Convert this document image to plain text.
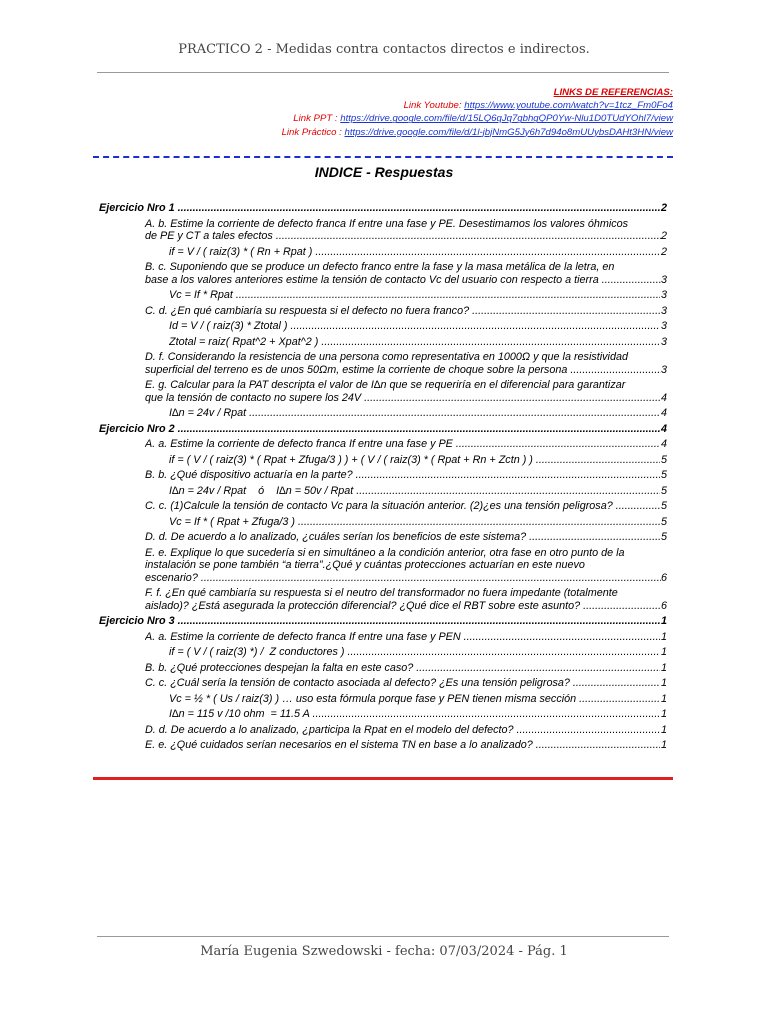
PRACTICO 2 - Medidas contra contactos directos e indirectos.
LINKS DE REFERENCIAS:
Link Youtube: https://www.youtube.com/watch?v=1tcz_Fm0Fo4
Link PPT : https://drive.google.com/file/d/15LQ6qJq7gbhgQP0Yw-Nlu1D0TUdYOhl7/view
Link Práctico : https://drive.google.com/file/d/1l-jbjNmG5Jy6h7d94o8mUUybsDAHt3HN/view
INDICE - Respuestas
Ejercicio Nro 1 .....	2
A. b. Estime la corriente de defecto franca If entre una fase y PE. Desestimamos los valores óhmicos
de PE y CT a tales efectos .....	2
if = V / ( raiz(3) * ( Rn + Rpat ) .....	2
B. c. Suponiendo que se produce un defecto franco entre la fase y la masa metálica de la letra, en
base a los valores anteriores estime la tensión de contacto Vc del usuario con respecto a tierra .....	3
Vc = If * Rpat .....	3
C. d. ¿En qué cambiaría su respuesta si el defecto no fuera franco? .....	3
Id = V / ( raiz(3) * Ztotal ) .....	3
Ztotal = raiz( Rpat^2 + Xpat^2 ) .....	3
D. f. Considerando la resistencia de una persona como representativa en 1000Ω y que la resistividad
superficial del terreno es de unos 50Ωm, estime la corriente de choque sobre la persona .....	3
E. g. Calcular para la PAT descripta el valor de I∆n que se requeriría en el diferencial para garantizar
que la tensión de contacto no supere los 24V .....	4
I∆n = 24v / Rpat .....	4
Ejercicio Nro 2 .....	4
A. a. Estime la corriente de defecto franca If entre una fase y PE .....	4
if = ( V / ( raiz(3) * ( Rpat + Zfuga/3 ) ) + ( V / ( raiz(3) * ( Rpat + Rn + Zctn ) ) .....	5
B. b. ¿Qué dispositivo actuaría en la parte? .....	5
I∆n = 24v / Rpat    ó    I∆n = 50v / Rpat .....	5
C. c. (1)Calcule la tensión de contacto Vc para la situación anterior. (2)¿es una tensión peligrosa? .....	5
Vc = If * ( Rpat + Zfuga/3 ) .....	5
D. d. De acuerdo a lo analizado, ¿cuáles serían los beneficios de este sistema? .....	5
E. e. Explique lo que sucedería si en simultáneo a la condición anterior, otra fase en otro punto de la
instalación se pone también “a tierra”.¿Qué y cuántas protecciones actuarían en este nuevo
escenario? .....	6
F. f. ¿En qué cambiaría su respuesta si el neutro del transformador no fuera impedante (totalmente
aislado)? ¿Está asegurada la protección diferencial? ¿Qué dice el RBT sobre este asunto? .....	6
Ejercicio Nro 3 .....	1
A. a. Estime la corriente de defecto franca If entre una fase y PEN .....	1
if = ( V / ( raiz(3) *) /  Z conductores ) .....	1
B. b. ¿Qué protecciones despejan la falta en este caso? .....	1
C. c. ¿Cuál sería la tensión de contacto asociada al defecto? ¿Es una tensión peligrosa? .....	1
Vc = ½ * ( Us / raiz(3) ) … uso esta fórmula porque fase y PEN tienen misma sección .....	1
I∆n = 115 v /10 ohm  = 11.5 A .....	1
D. d. De acuerdo a lo analizado, ¿participa la Rpat en el modelo del defecto? .....	1
E. e. ¿Qué cuidados serían necesarios en el sistema TN en base a lo analizado? .....	1
María Eugenia Szwedowski - fecha: 07/03/2024 - Pág. 1
